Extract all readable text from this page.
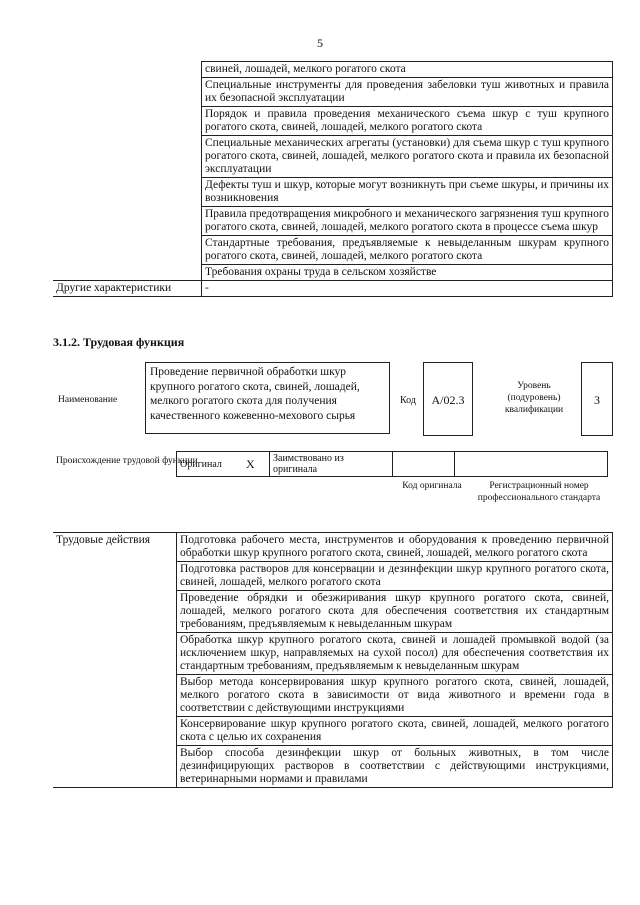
5
	свиней, лошадей, мелкого рогатого скота
	Специальные инструменты для проведения забеловки туш животных и правила их безопасной эксплуатации
	Порядок и правила проведения механического съема шкур с туш крупного рогатого скота, свиней, лошадей, мелкого рогатого скота
	Специальные механических агрегаты (установки) для съема шкур с туш крупного рогатого скота, свиней, лошадей, мелкого рогатого скота и правила их безопасной эксплуатации
	Дефекты туш и шкур, которые могут возникнуть при съеме шкуры, и причины их возникновения
	Правила предотвращения микробного и механического загрязнения туш крупного рогатого скота, свиней, лошадей, мелкого рогатого скота в процессе съема шкур
	Стандартные требования, предъявляемые к невыделанным шкурам крупного рогатого скота, свиней, лошадей, мелкого рогатого скота
	Требования охраны труда в сельском хозяйстве
Другие характеристики	-
3.1.2. Трудовая функция
Наименование
Проведение первичной обработки шкур крупного рогатого скота, свиней, лошадей, мелкого рогатого скота для получения качественного кожевенно-мехового сырья
Код	A/02.3
Уровень (подуровень) квалификации
3
Происхождение трудовой функции
Оригинал	X	Заимствовано из оригинала		
Код оригинала	Регистрационный номер профессионального стандарта
Трудовые действия	Подготовка рабочего места, инструментов и оборудования к проведению первичной обработки шкур крупного рогатого скота, свиней, лошадей, мелкого рогатого скота
Подготовка растворов для консервации и дезинфекции шкур крупного рогатого скота, свиней, лошадей, мелкого рогатого скота
Проведение обрядки и обезжиривания шкур крупного рогатого скота, свиней, лошадей, мелкого рогатого скота для обеспечения соответствия их стандартным требованиям, предъявляемым к невыделанным шкурам
Обработка шкур крупного рогатого скота, свиней и лошадей промывкой водой (за исключением шкур, направляемых на сухой посол) для обеспечения соответствия их стандартным требованиям, предъявляемым к невыделанным шкурам
Выбор метода консервирования шкур крупного рогатого скота, свиней, лошадей, мелкого рогатого скота в зависимости от вида животного и времени года в соответствии с действующими инструкциями
Консервирование шкур крупного рогатого скота, свиней, лошадей, мелкого рогатого скота с целью их сохранения
Выбор способа дезинфекции шкур от больных животных, в том числе дезинфицирующих растворов в соответствии с действующими инструкциями, ветеринарными нормами и правилами
